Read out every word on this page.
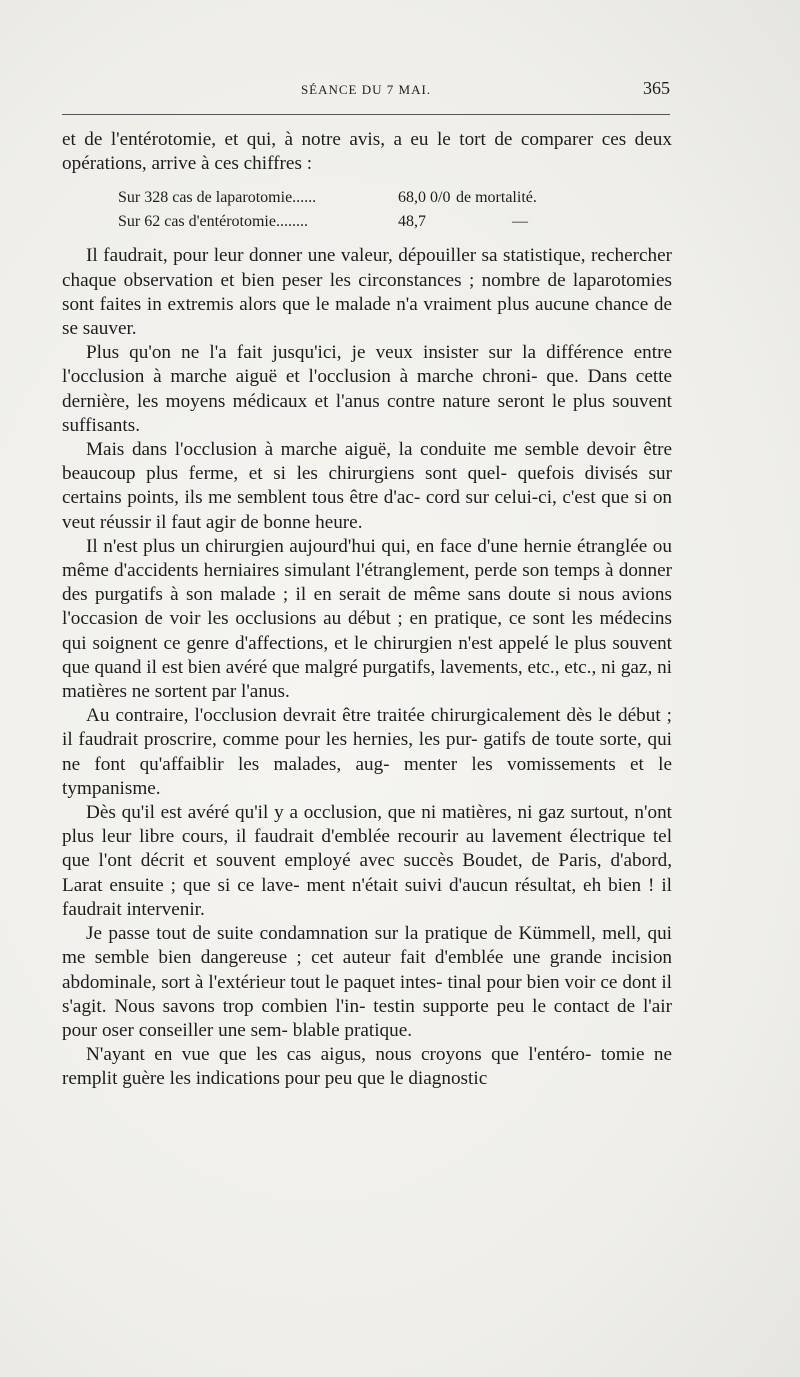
SÉANCE DU 7 MAI.	365

et de l'entérotomie, et qui, à notre avis, a eu le tort de comparer ces deux opérations, arrive à ces chiffres :

Sur 328 cas de laparotomie......	68,0 0/0 de mortalité.
Sur 62 cas d'entérotomie........	48,7	—

Il faudrait, pour leur donner une valeur, dépouiller sa statistique, rechercher chaque observation et bien peser les circonstances ; nombre de laparotomies sont faites in extremis alors que le malade n'a vraiment plus aucune chance de se sauver.

Plus qu'on ne l'a fait jusqu'ici, je veux insister sur la différence entre l'occlusion à marche aiguë et l'occlusion à marche chroni- que. Dans cette dernière, les moyens médicaux et l'anus contre nature seront le plus souvent suffisants.

Mais dans l'occlusion à marche aiguë, la conduite me semble devoir être beaucoup plus ferme, et si les chirurgiens sont quel- quefois divisés sur certains points, ils me semblent tous être d'ac- cord sur celui-ci, c'est que si on veut réussir il faut agir de bonne heure.

Il n'est plus un chirurgien aujourd'hui qui, en face d'une hernie étranglée ou même d'accidents herniaires simulant l'étranglement, perde son temps à donner des purgatifs à son malade ; il en serait de même sans doute si nous avions l'occasion de voir les occlusions au début ; en pratique, ce sont les médecins qui soignent ce genre d'affections, et le chirurgien n'est appelé le plus souvent que quand il est bien avéré que malgré purgatifs, lavements, etc., etc., ni gaz, ni matières ne sortent par l'anus.

Au contraire, l'occlusion devrait être traitée chirurgicalement dès le début ; il faudrait proscrire, comme pour les hernies, les pur- gatifs de toute sorte, qui ne font qu'affaiblir les malades, aug- menter les vomissements et le tympanisme.

Dès qu'il est avéré qu'il y a occlusion, que ni matières, ni gaz surtout, n'ont plus leur libre cours, il faudrait d'emblée recourir au lavement électrique tel que l'ont décrit et souvent employé avec succès Boudet, de Paris, d'abord, Larat ensuite ; que si ce lave- ment n'était suivi d'aucun résultat, eh bien ! il faudrait intervenir.

Je passe tout de suite condamnation sur la pratique de Kümmell, mell, qui me semble bien dangereuse ; cet auteur fait d'emblée une grande incision abdominale, sort à l'extérieur tout le paquet intes- tinal pour bien voir ce dont il s'agit. Nous savons trop combien l'in- testin supporte peu le contact de l'air pour oser conseiller une sem- blable pratique.

N'ayant en vue que les cas aigus, nous croyons que l'entéro- tomie ne remplit guère les indications pour peu que le diagnostic
